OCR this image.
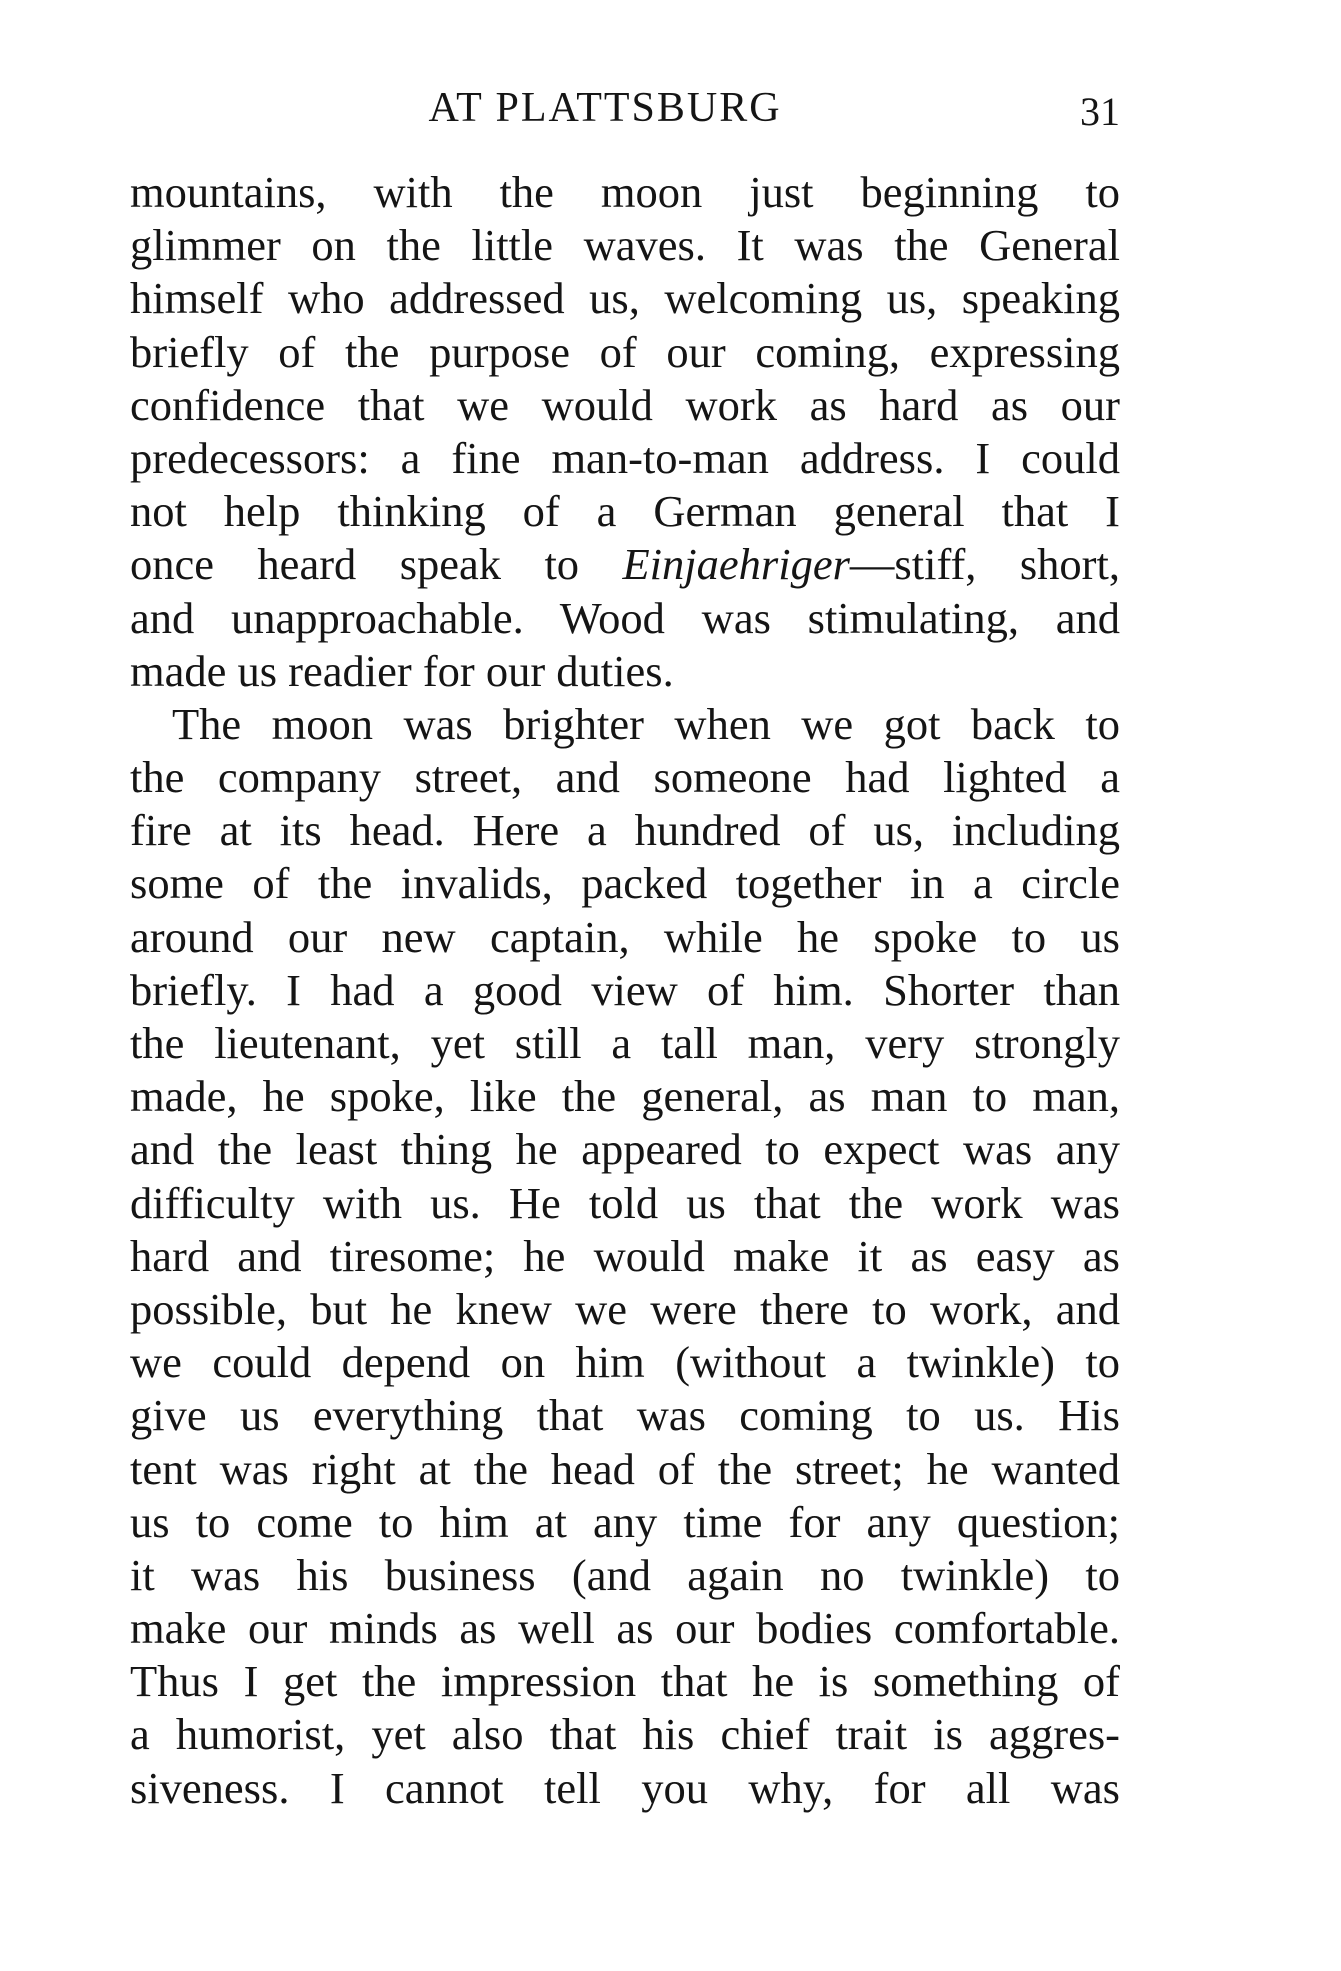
AT PLATTSBURG	31
mountains, with the moon just beginning to
glimmer on the little waves. It was the General
himself who addressed us, welcoming us, speaking
briefly of the purpose of our coming, expressing
confidence that we would work as hard as our
predecessors: a fine man-to-man address. I could
not help thinking of a German general that I
once heard speak to Einjaehriger—stiff, short,
and unapproachable. Wood was stimulating, and
made us readier for our duties.
The moon was brighter when we got back to
the company street, and someone had lighted a
fire at its head. Here a hundred of us, including
some of the invalids, packed together in a circle
around our new captain, while he spoke to us
briefly. I had a good view of him. Shorter than
the lieutenant, yet still a tall man, very strongly
made, he spoke, like the general, as man to man,
and the least thing he appeared to expect was any
difficulty with us. He told us that the work was
hard and tiresome; he would make it as easy as
possible, but he knew we were there to work, and
we could depend on him (without a twinkle) to
give us everything that was coming to us. His
tent was right at the head of the street; he wanted
us to come to him at any time for any question;
it was his business (and again no twinkle) to
make our minds as well as our bodies comfortable.
Thus I get the impression that he is something of
a humorist, yet also that his chief trait is aggres-
siveness. I cannot tell you why, for all was
